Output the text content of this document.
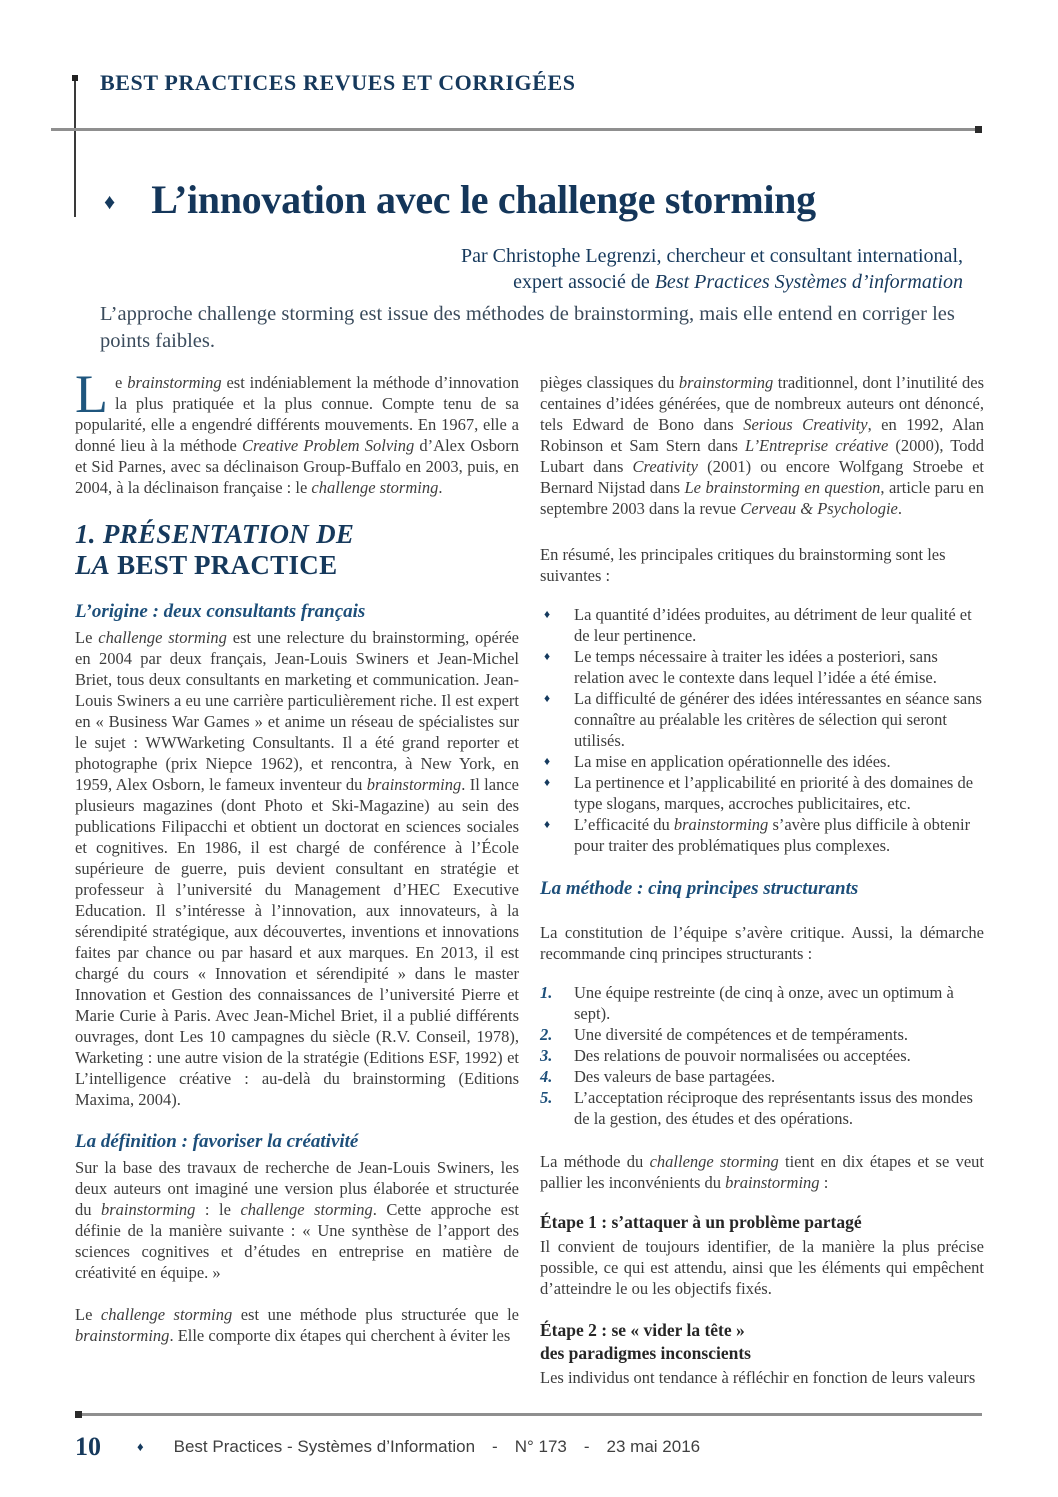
BEST PRACTICES REVUES ET CORRIGÉES
♦ L’innovation avec le challenge storming
Par Christophe Legrenzi, chercheur et consultant international,
expert associé de Best Practices Systèmes d’information

L’approche challenge storming est issue des méthodes de brainstorming, mais elle entend en corriger les points faibles.

Le brainstorming est indéniablement la méthode d’innovation la plus pratiquée et la plus connue. Compte tenu de sa popularité, elle a engendré différents mouvements. En 1967, elle a donné lieu à la méthode Creative Problem Solving d’Alex Osborn et Sid Parnes, avec sa déclinaison Group-Buffalo en 2003, puis, en 2004, à la déclinaison française : le challenge storming.

1. PRÉSENTATION DE
LA BEST PRACTICE
L’origine : deux consultants français

Le challenge storming est une relecture du brainstorming, opérée en 2004 par deux français, Jean-Louis Swiners et Jean-Michel Briet, tous deux consultants en marketing et communication. Jean-Louis Swiners a eu une carrière particulièrement riche. Il est expert en « Business War Games » et anime un réseau de spécialistes sur le sujet : WWWarketing Consultants. Il a été grand reporter et photographe (prix Niepce 1962), et rencontra, à New York, en 1959, Alex Osborn, le fameux inventeur du brainstorming. Il lance plusieurs magazines (dont Photo et Ski-Magazine) au sein des publications Filipacchi et obtient un doctorat en sciences sociales et cognitives. En 1986, il est chargé de conférence à l’École supérieure de guerre, puis devient consultant en stratégie et professeur à l’université du Management d’HEC Executive Education. Il s’intéresse à l’innovation, aux innovateurs, à la sérendipité stratégique, aux découvertes, inventions et innovations faites par chance ou par hasard et aux marques. En 2013, il est chargé du cours « Innovation et sérendipité » dans le master Innovation et Gestion des connaissances de l’université Pierre et Marie Curie à Paris. Avec Jean-Michel Briet, il a publié différents ouvrages, dont Les 10 campagnes du siècle (R.V. Conseil, 1978), Warketing : une autre vision de la stratégie (Editions ESF, 1992) et L’intelligence créative : au-delà du brainstorming (Editions Maxima, 2004).

La définition : favoriser la créativité

Sur la base des travaux de recherche de Jean-Louis Swiners, les deux auteurs ont imaginé une version plus élaborée et structurée du brainstorming : le challenge storming. Cette approche est définie de la manière suivante : « Une synthèse de l’apport des sciences cognitives et d’études en entreprise en matière de créativité en équipe. »

Le challenge storming est une méthode plus structurée que le brainstorming. Elle comporte dix étapes qui cherchent à éviter les

pièges classiques du brainstorming traditionnel, dont l’inutilité des centaines d’idées générées, que de nombreux auteurs ont dénoncé, tels Edward de Bono dans Serious Creativity, en 1992, Alan Robinson et Sam Stern dans L’Entreprise créative (2000), Todd Lubart dans Creativity (2001) ou encore Wolfgang Stroebe et Bernard Nijstad dans Le brainstorming en question, article paru en septembre 2003 dans la revue Cerveau & Psychologie.

En résumé, les principales critiques du brainstorming sont les suivantes :

♦ La quantité d’idées produites, au détriment de leur qualité et de leur pertinence.
♦ Le temps nécessaire à traiter les idées a posteriori, sans relation avec le contexte dans lequel l’idée a été émise.
♦ La difficulté de générer des idées intéressantes en séance sans connaître au préalable les critères de sélection qui seront utilisés.
♦ La mise en application opérationnelle des idées.
♦ La pertinence et l’applicabilité en priorité à des domaines de type slogans, marques, accroches publicitaires, etc.
♦ L’efficacité du brainstorming s’avère plus difficile à obtenir pour traiter des problématiques plus complexes.
La méthode : cinq principes structurants

La constitution de l’équipe s’avère critique. Aussi, la démarche recommande cinq principes structurants :

1. Une équipe restreinte (de cinq à onze, avec un optimum à sept).
2. Une diversité de compétences et de tempéraments.
3. Des relations de pouvoir normalisées ou acceptées.
4. Des valeurs de base partagées.
5. L’acceptation réciproque des représentants issus des mondes de la gestion, des études et des opérations.

La méthode du challenge storming tient en dix étapes et se veut pallier les inconvénients du brainstorming :

Étape 1 : s’attaquer à un problème partagé

Il convient de toujours identifier, de la manière la plus précise possible, ce qui est attendu, ainsi que les éléments qui empêchent d’atteindre le ou les objectifs fixés.

Étape 2 : se « vider la tête »
des paradigmes inconscients

Les individus ont tendance à réfléchir en fonction de leurs valeurs

10	♦ Best Practices - Systèmes d’Information - N° 173 - 23 mai 2016
